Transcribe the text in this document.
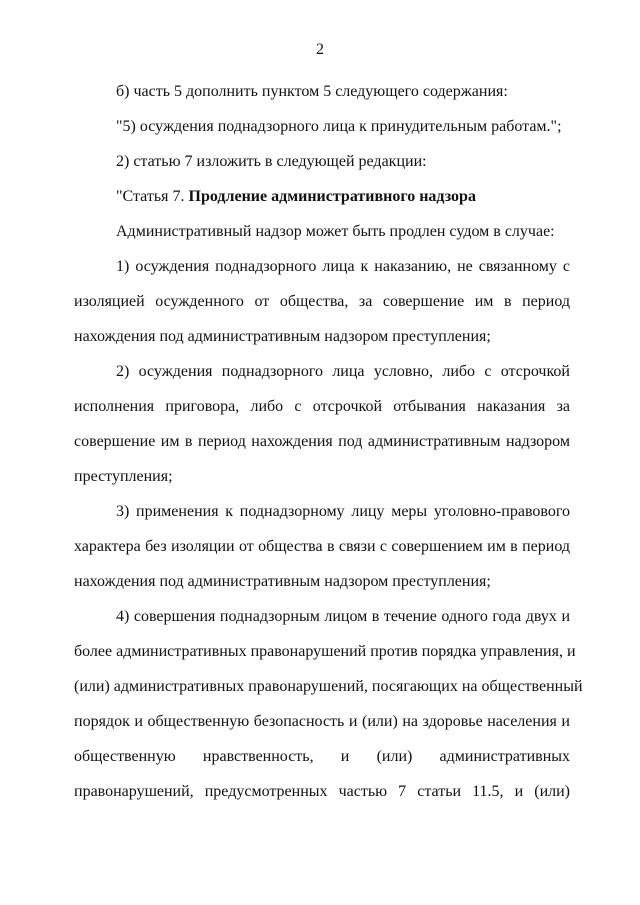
2

б) часть 5 дополнить пунктом 5 следующего содержания:

"5) осуждения поднадзорного лица к принудительным работам.";

2) статью 7 изложить в следующей редакции:

"Статья 7. Продление административного надзора

Административный надзор может быть продлен судом в случае:

1) осуждения поднадзорного лица к наказанию, не связанному с

изоляцией осужденного от общества, за совершение им в период

нахождения под административным надзором преступления;

2) осуждения поднадзорного лица условно, либо с отсрочкой

исполнения приговора, либо с отсрочкой отбывания наказания за

совершение им в период нахождения под административным надзором

преступления;

3) применения к поднадзорному лицу меры уголовно-правового

характера без изоляции от общества в связи с совершением им в период

нахождения под административным надзором преступления;

4) совершения поднадзорным лицом в течение одного года двух и

более административных правонарушений против порядка управления, и

(или) административных правонарушений, посягающих на общественный

порядок и общественную безопасность и (или) на здоровье населения и

общественную нравственность, и (или) административных

правонарушений, предусмотренных частью 7 статьи 11.5, и (или)
